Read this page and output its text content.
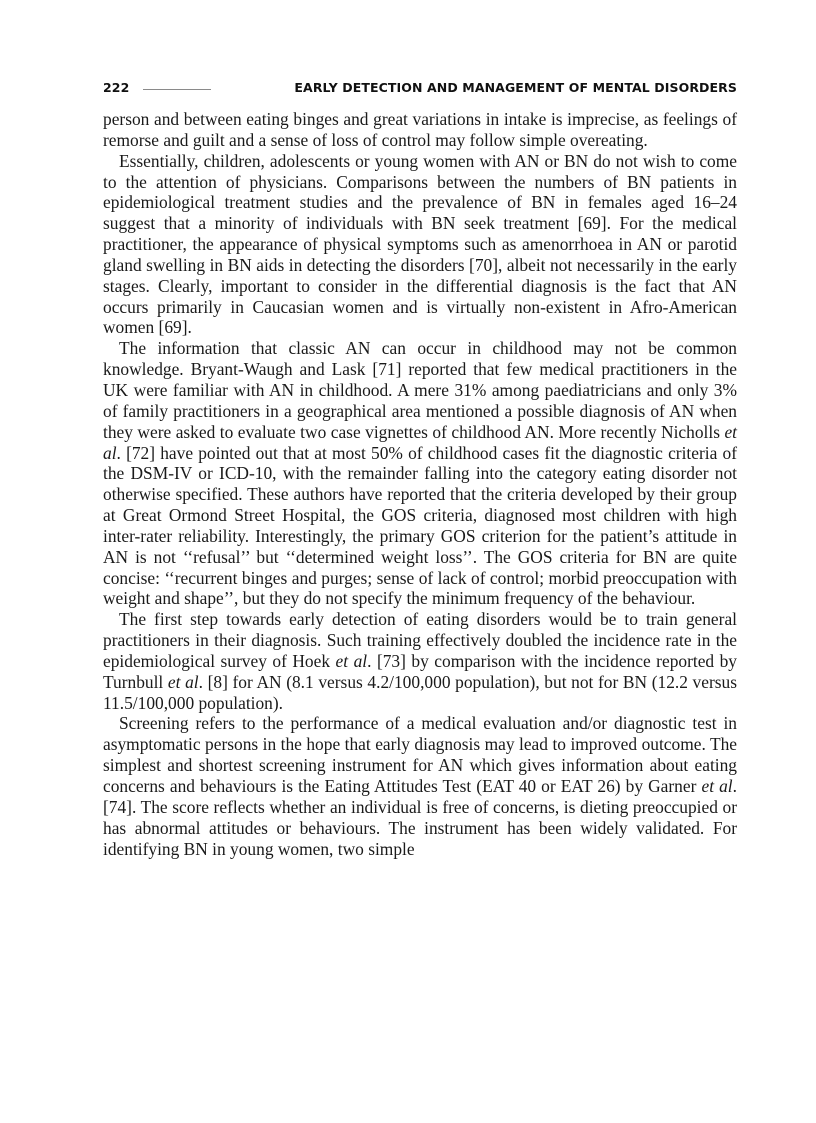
222	EARLY DETECTION AND MANAGEMENT OF MENTAL DISORDERS

person and between eating binges and great variations in intake is imprecise, as feelings of remorse and guilt and a sense of loss of control may follow simple overeating.

Essentially, children, adolescents or young women with AN or BN do not wish to come to the attention of physicians. Comparisons between the numbers of BN patients in epidemiological treatment studies and the prevalence of BN in females aged 16–24 suggest that a minority of individuals with BN seek treatment [69]. For the medical practitioner, the appearance of physical symptoms such as amenorrhoea in AN or parotid gland swelling in BN aids in detecting the disorders [70], albeit not necessarily in the early stages. Clearly, important to consider in the differential diagnosis is the fact that AN occurs primarily in Caucasian women and is virtually non-existent in Afro-American women [69].

The information that classic AN can occur in childhood may not be common knowledge. Bryant-Waugh and Lask [71] reported that few medical practitioners in the UK were familiar with AN in childhood. A mere 31% among paediatricians and only 3% of family practitioners in a geographical area mentioned a possible diagnosis of AN when they were asked to evaluate two case vignettes of childhood AN. More recently Nicholls et al. [72] have pointed out that at most 50% of childhood cases fit the diagnostic criteria of the DSM-IV or ICD-10, with the remainder falling into the category eating disorder not otherwise specified. These authors have reported that the criteria developed by their group at Great Ormond Street Hospital, the GOS criteria, diagnosed most children with high inter-rater reliability. Interestingly, the primary GOS criterion for the patient’s attitude in AN is not ‘‘refusal’’ but ‘‘determined weight loss’’. The GOS criteria for BN are quite concise: ‘‘recurrent binges and purges; sense of lack of control; morbid preoccupation with weight and shape’’, but they do not specify the minimum frequency of the behaviour.

The first step towards early detection of eating disorders would be to train general practitioners in their diagnosis. Such training effectively doubled the incidence rate in the epidemiological survey of Hoek et al. [73] by comparison with the incidence reported by Turnbull et al. [8] for AN (8.1 versus 4.2/100,000 population), but not for BN (12.2 versus 11.5/100,000 population).

Screening refers to the performance of a medical evaluation and/or diagnostic test in asymptomatic persons in the hope that early diagnosis may lead to improved outcome. The simplest and shortest screening instrument for AN which gives information about eating concerns and behaviours is the Eating Attitudes Test (EAT 40 or EAT 26) by Garner et al. [74]. The score reflects whether an individual is free of concerns, is dieting preoccupied or has abnormal attitudes or behaviours. The instrument has been widely validated. For identifying BN in young women, two simple
